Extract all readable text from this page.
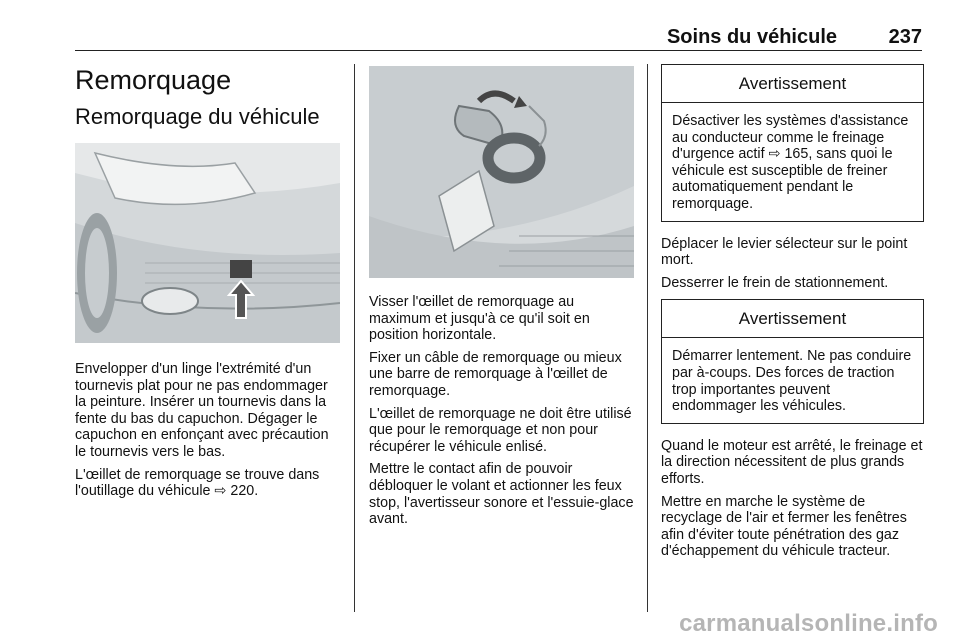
Soins du véhicule	237
Remorquage
Remorquage du véhicule

Envelopper d'un linge l'extrémité d'un tournevis plat pour ne pas endommager la peinture. Insérer un tournevis dans la fente du bas du capuchon. Dégager le capuchon en enfonçant avec précaution le tournevis vers le bas.

L'œillet de remorquage se trouve dans l'outillage du véhicule ⇨ 220.

Visser l'œillet de remorquage au maximum et jusqu'à ce qu'il soit en position horizontale.

Fixer un câble de remorquage ou mieux une barre de remorquage à l'œillet de remorquage.

L'œillet de remorquage ne doit être utilisé que pour le remorquage et non pour récupérer le véhicule enlisé.

Mettre le contact afin de pouvoir débloquer le volant et actionner les feux stop, l'avertisseur sonore et l'essuie-glace avant.

Avertissement

Désactiver les systèmes d'assistance au conducteur comme le freinage d'urgence actif ⇨ 165, sans quoi le véhicule est susceptible de freiner automatiquement pendant le remorquage.

Déplacer le levier sélecteur sur le point mort.

Desserrer le frein de stationnement.

Avertissement

Démarrer lentement. Ne pas conduire par à-coups. Des forces de traction trop importantes peuvent endommager les véhicules.

Quand le moteur est arrêté, le freinage et la direction nécessitent de plus grands efforts.

Mettre en marche le système de recyclage de l'air et fermer les fenêtres afin d'éviter toute pénétration des gaz d'échappement du véhicule tracteur.

carmanualsonline.info
